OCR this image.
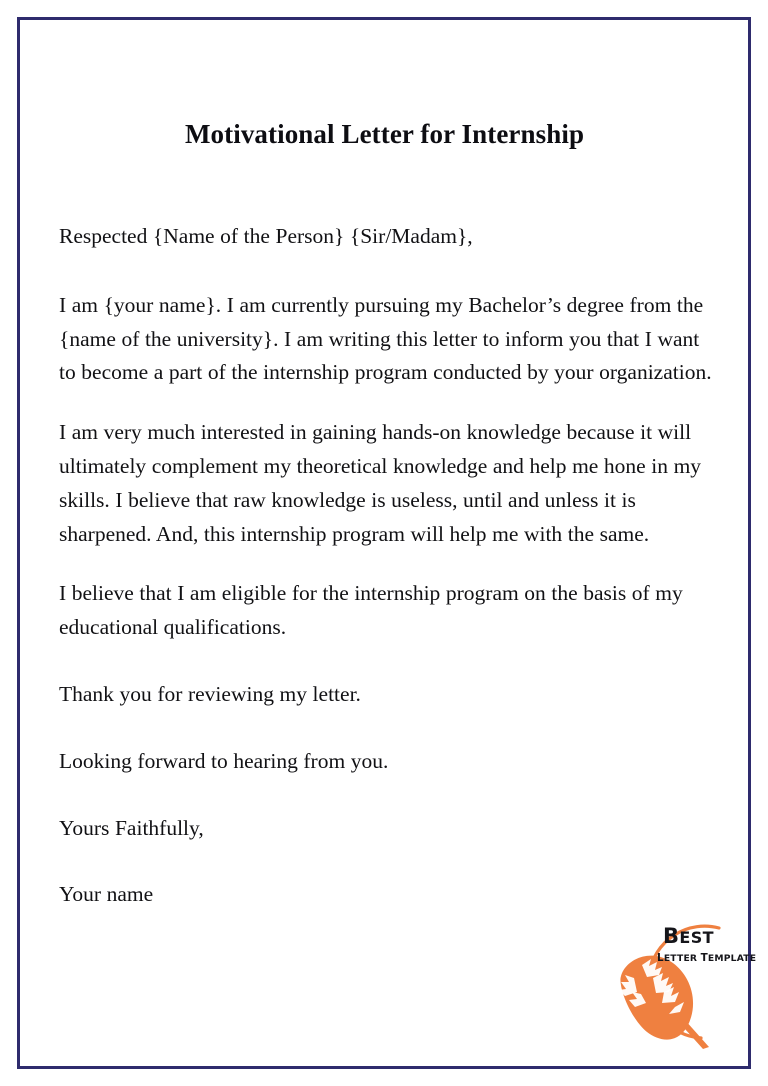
Motivational Letter for Internship

Respected {Name of the Person} {Sir/Madam},

I am {your name}. I am currently pursuing my Bachelor’s degree from the {name of the university}. I am writing this letter to inform you that I want to become a part of the internship program conducted by your organization.

I am very much interested in gaining hands-on knowledge because it will ultimately complement my theoretical knowledge and help me hone in my skills. I believe that raw knowledge is useless, until and unless it is sharpened. And, this internship program will help me with the same.

I believe that I am eligible for the internship program on the basis of my educational qualifications.

Thank you for reviewing my letter.

Looking forward to hearing from you.

Yours Faithfully,

Your name

BEST
LETTER TEMPLATE
